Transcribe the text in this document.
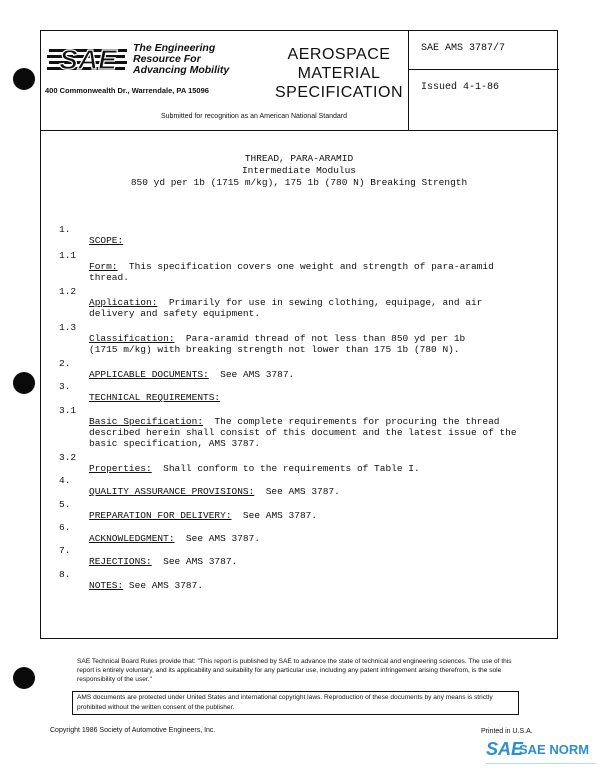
SAE The Engineering
Resource For
Advancing Mobility
400 Commonwealth Dr., Warrendale, PA 15096
AEROSPACE
MATERIAL
SPECIFICATION
Submitted for recognition as an American National Standard
SAE AMS 3787/7
Issued 4-1-86
THREAD, PARA-ARAMID
Intermediate Modulus
850 yd per 1b (1715 m/kg), 175 1b (780 N) Breaking Strength

1.

SCOPE:

1.1

Form:  This specification covers one weight and strength of para-aramid
thread.

1.2

Application:  Primarily for use in sewing clothing, equipage, and air
delivery and safety equipment.

1.3

Classification:  Para-aramid thread of not less than 850 yd per 1b
(1715 m/kg) with breaking strength not lower than 175 1b (780 N).

2.

APPLICABLE DOCUMENTS:  See AMS 3787.

3.

TECHNICAL REQUIREMENTS:

3.1

Basic Specification:  The complete requirements for procuring the thread
described herein shall consist of this document and the latest issue of the
basic specification, AMS 3787.

3.2

Properties:  Shall conform to the requirements of Table I.

4.

QUALITY ASSURANCE PROVISIONS:  See AMS 3787.

5.

PREPARATION FOR DELIVERY:  See AMS 3787.

6.

ACKNOWLEDGMENT:  See AMS 3787.

7.

REJECTIONS:  See AMS 3787.

8.

NOTES: See AMS 3787.

SAE Technical Board Rules provide that: "This report is published by SAE to advance the state of technical and engineering sciences. The use of this report is entirely voluntary, and its applicability and suitability for any particular use, including any patent infringement arising therefrom, is the sole responsibility of the user."
AMS documents are protected under United States and international copyright laws. Reproduction of these documents by any means is strictly prohibited without the written consent of the publisher.
Copyright 1986 Society of Automotive Engineers, Inc.	Printed in U.S.A.
SAE
SAE NORM
